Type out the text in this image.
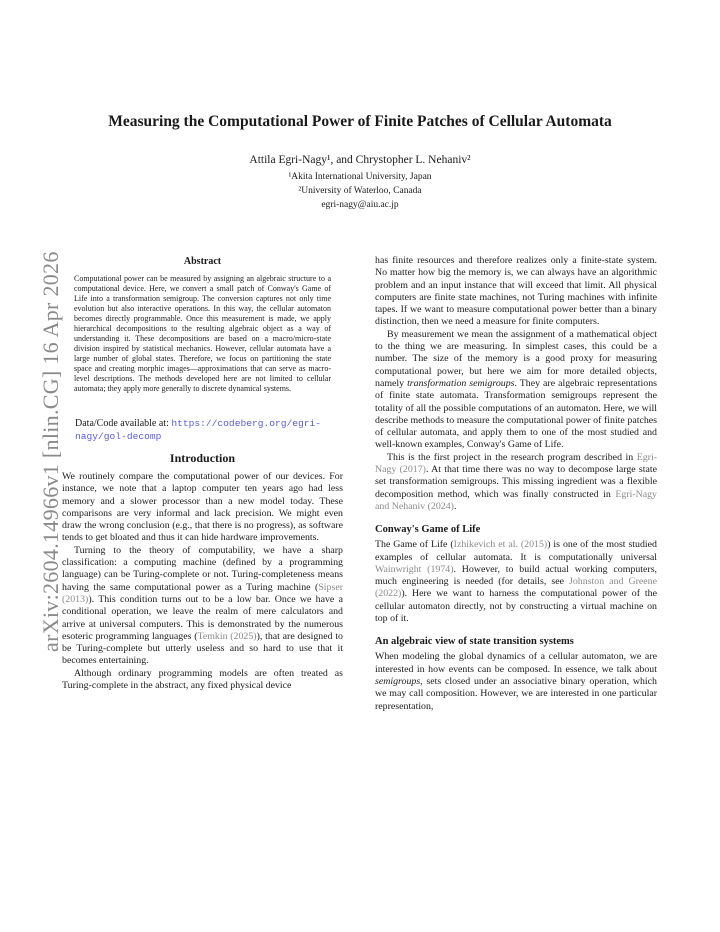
arXiv:2604.14966v1 [nlin.CG] 16 Apr 2026
Measuring the Computational Power of Finite Patches of Cellular Automata
Attila Egri-Nagy¹, and Chrystopher L. Nehaniv²
¹Akita International University, Japan
²University of Waterloo, Canada
egri-nagy@aiu.ac.jp
Abstract

Computational power can be measured by assigning an algebraic structure to a computational device. Here, we convert a small patch of Conway's Game of Life into a transformation semigroup. The conversion captures not only time evolution but also interactive operations. In this way, the cellular automaton becomes directly programmable. Once this measurement is made, we apply hierarchical decompositions to the resulting algebraic object as a way of understanding it. These decompositions are based on a macro/micro-state division inspired by statistical mechanics. However, cellular automata have a large number of global states. Therefore, we focus on partitioning the state space and creating morphic images—approximations that can serve as macro-level descriptions. The methods developed here are not limited to cellular automata; they apply more generally to discrete dynamical systems.

Data/Code available at: https://codeberg.org/egri-nagy/gol-decomp

Introduction

We routinely compare the computational power of our devices. For instance, we note that a laptop computer ten years ago had less memory and a slower processor than a new model today. These comparisons are very informal and lack precision. We might even draw the wrong conclusion (e.g., that there is no progress), as software tends to get bloated and thus it can hide hardware improvements.

Turning to the theory of computability, we have a sharp classification: a computing machine (defined by a programming language) can be Turing-complete or not. Turing-completeness means having the same computational power as a Turing machine (Sipser (2013)). This condition turns out to be a low bar. Once we have a conditional operation, we leave the realm of mere calculators and arrive at universal computers. This is demonstrated by the numerous esoteric programming languages (Temkin (2025)), that are designed to be Turing-complete but utterly useless and so hard to use that it becomes entertaining.

Although ordinary programming models are often treated as Turing-complete in the abstract, any fixed physical device

has finite resources and therefore realizes only a finite-state system. No matter how big the memory is, we can always have an algorithmic problem and an input instance that will exceed that limit. All physical computers are finite state machines, not Turing machines with infinite tapes. If we want to measure computational power better than a binary distinction, then we need a measure for finite computers.

By measurement we mean the assignment of a mathematical object to the thing we are measuring. In simplest cases, this could be a number. The size of the memory is a good proxy for measuring computational power, but here we aim for more detailed objects, namely transformation semigroups. They are algebraic representations of finite state automata. Transformation semigroups represent the totality of all the possible computations of an automaton. Here, we will describe methods to measure the computational power of finite patches of cellular automata, and apply them to one of the most studied and well-known examples, Conway's Game of Life.

This is the first project in the research program described in Egri-Nagy (2017). At that time there was no way to decompose large state set transformation semigroups. This missing ingredient was a flexible decomposition method, which was finally constructed in Egri-Nagy and Nehaniv (2024).

Conway's Game of Life

The Game of Life (Izhikevich et al. (2015)) is one of the most studied examples of cellular automata. It is computationally universal Wainwright (1974). However, to build actual working computers, much engineering is needed (for details, see Johnston and Greene (2022)). Here we want to harness the computational power of the cellular automaton directly, not by constructing a virtual machine on top of it.

An algebraic view of state transition systems

When modeling the global dynamics of a cellular automaton, we are interested in how events can be composed. In essence, we talk about semigroups, sets closed under an associative binary operation, which we may call composition. However, we are interested in one particular representation,
